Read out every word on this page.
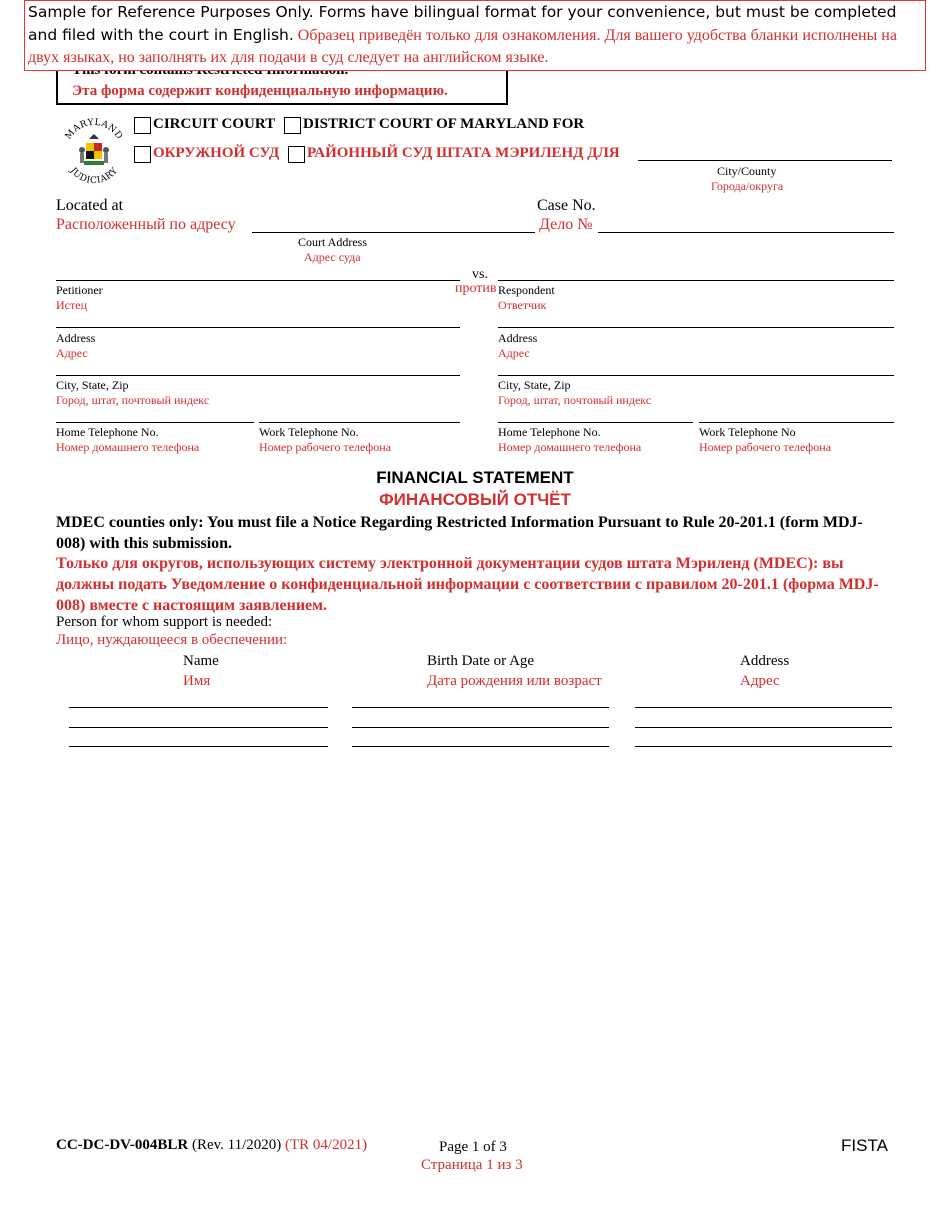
Эта форма содержит конфиденциальную информацию.
Sample for Reference Purposes Only. Forms have bilingual format for your convenience, but must be completed and filed with the court in English. Образец приведён только для ознакомления. Для вашего удобства бланки исполнены на двух языках, но заполнять их для подачи в суд следует на английском языке.
MARYLAND
JUDICIARY
CIRCUIT COURT DISTRICT COURT OF MARYLAND FOR
ОКРУЖНОЙ СУД РАЙОННЫЙ СУД ШТАТА МЭРИЛЕНД ДЛЯ
City/County
Города/округа
Located at
Расположенный по адресу
Court Address
Адрес суда
Case No.
Дело №
vs.
против
Petitioner
Истец
Respondent
Ответчик
Address
Адрес
Address
Адрес
City, State, Zip
Город, штат, почтовый индекс
City, State, Zip
Город, штат, почтовый индекс
Home Telephone No.
Номер домашнего телефона
Work Telephone No.
Номер рабочего телефона
Home Telephone No.
Номер домашнего телефона
Work Telephone No
Номер рабочего телефона
FINANCIAL STATEMENT
ФИНАНСОВЫЙ ОТЧЁТ
MDEC counties only: You must file a Notice Regarding Restricted Information Pursuant to Rule 20-201.1 (form MDJ-008) with this submission.
Только для округов, использующих систему электронной документации судов штата Мэриленд (MDEC): вы должны подать Уведомление о конфиденциальной информации с соответствии с правилом 20-201.1 (форма MDJ-008) вместе с настоящим заявлением.
Person for whom support is needed:
Лицо, нуждающееся в обеспечении:
Name
Имя
Birth Date or Age
Дата рождения или возраст
Address
Адрес
CC-DC-DV-004BLR (Rev. 11/2020) (TR 04/2021)	Page 1 of 3
Страница 1 из 3
FISTA
